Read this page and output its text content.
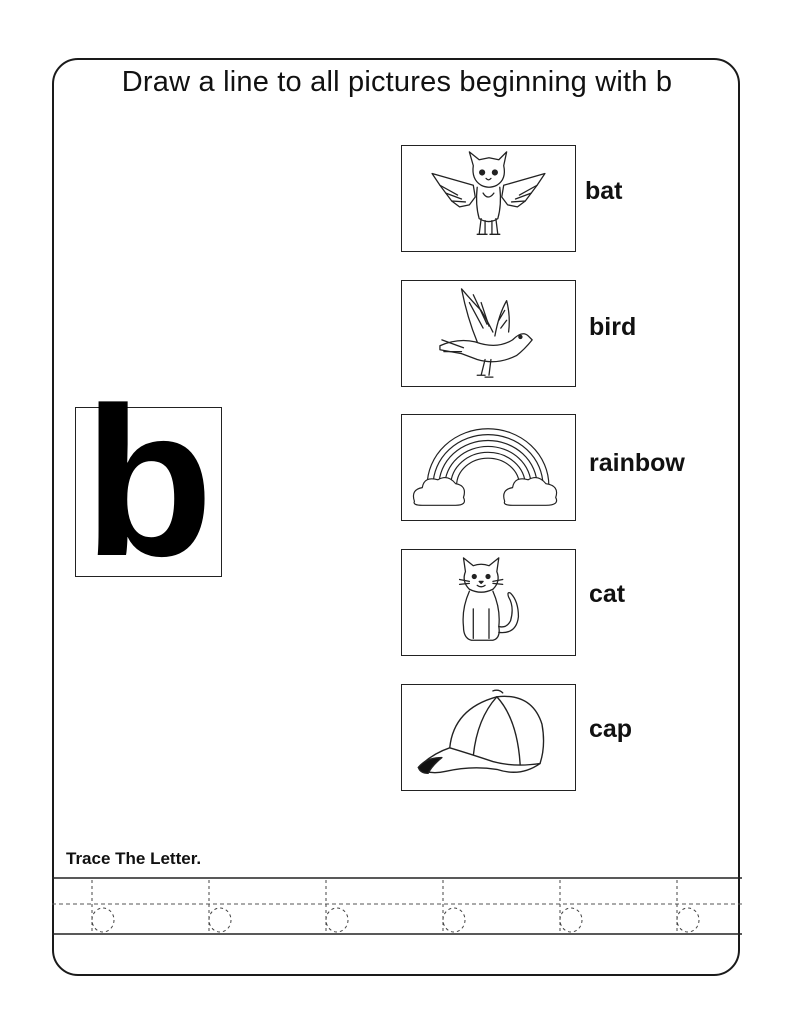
Draw a line to all pictures beginning with b
b
bat
bird
rainbow
cat
cap
Trace The Letter.
